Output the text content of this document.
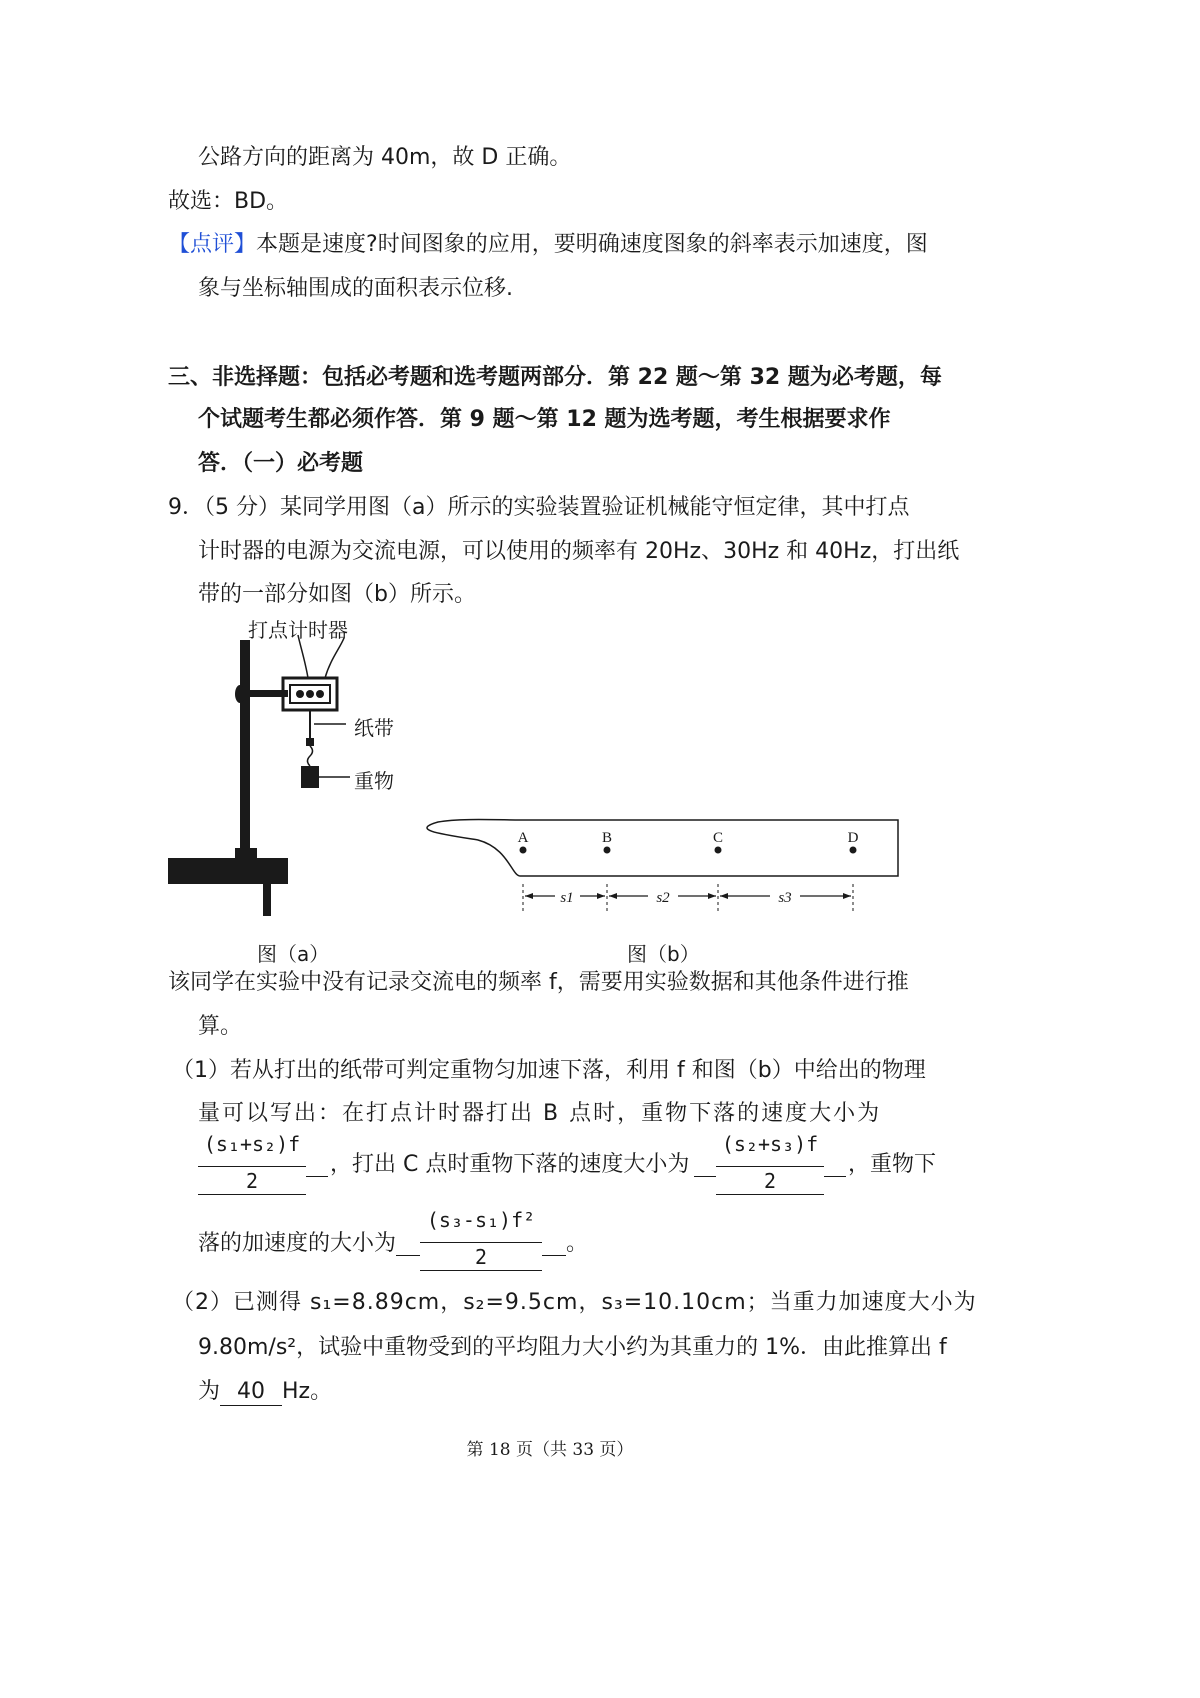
公路方向的距离为 40m，故 D 正确。
故选：BD。
【点评】本题是速度?时间图象的应用，要明确速度图象的斜率表示加速度，图
象与坐标轴围成的面积表示位移.
三、非选择题：包括必考题和选考题两部分．第 22 题～第 32 题为必考题，每
个试题考生都必须作答．第 9 题～第 12 题为选考题，考生根据要求作
答．（一）必考题
9．（5 分）某同学用图（a）所示的实验装置验证机械能守恒定律，其中打点
计时器的电源为交流电源，可以使用的频率有 20Hz、30Hz 和 40Hz，打出纸
带的一部分如图（b）所示。
打点计时器
纸带
重物
图（a）
A	B	C	D
s1	s2	s3
图（b）
该同学在实验中没有记录交流电的频率 f，需要用实验数据和其他条件进行推
算。
（1）若从打出的纸带可判定重物匀加速下落，利用 f 和图（b）中给出的物理
量可以写出：在打点计时器打出 B 点时，重物下落的速度大小为
(s₁+s₂)f
2
，打出 C 点时重物下落的速度大小为
(s₂+s₃)f
2
，重物下
落的加速度的大小为
(s₃-s₁)f²
2
。
（2）已测得 s₁=8.89cm，s₂=9.5cm，s₃=10.10cm；当重力加速度大小为
9.80m/s²，试验中重物受到的平均阻力大小约为其重力的 1%．由此推算出 f
为 40 Hz。
第 18 页（共 33 页）
